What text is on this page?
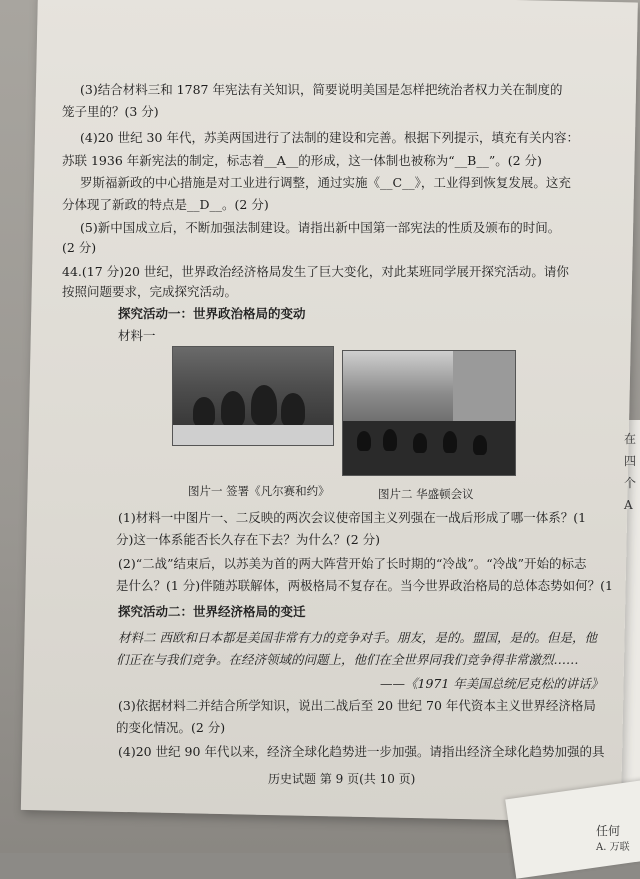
(3)结合材料三和 1787 年宪法有关知识，简要说明美国是怎样把统治者权力关在制度的
笼子里的？(3 分)
(4)20 世纪 30 年代，苏美两国进行了法制的建设和完善。根据下列提示，填充有关内容：
苏联 1936 年新宪法的制定，标志着__A__的形成，这一体制也被称为“__B__”。(2 分)
罗斯福新政的中心措施是对工业进行调整，通过实施《__C__》，工业得到恢复发展。这充
分体现了新政的特点是__D__。(2 分)
(5)新中国成立后，不断加强法制建设。请指出新中国第一部宪法的性质及颁布的时间。
(2 分)
44.(17 分)20 世纪，世界政治经济格局发生了巨大变化，对此某班同学展开探究活动。请你
按照问题要求，完成探究活动。
探究活动一：世界政治格局的变动
材料一
图片一 签署《凡尔赛和约》	图片二 华盛顿会议
(1)材料一中图片一、二反映的两次会议使帝国主义列强在一战后形成了哪一体系？(1
分)这一体系能否长久存在下去？为什么？(2 分)
(2)“二战”结束后，以苏美为首的两大阵营开始了长时期的“冷战”。“冷战”开始的标志
是什么？(1 分)伴随苏联解体，两极格局不复存在。当今世界政治格局的总体态势如何？(1
探究活动二：世界经济格局的变迁
材料二 西欧和日本都是美国非常有力的竞争对手。朋友，是的。盟国，是的。但是，他
们正在与我们竞争。在经济领域的问题上，他们在全世界同我们竞争得非常激烈……
——《1971 年美国总统尼克松的讲话》
(3)依据材料二并结合所学知识，说出二战后至 20 世纪 70 年代资本主义世界经济格局
的变化情况。(2 分)
(4)20 世纪 90 年代以来，经济全球化趋势进一步加强。请指出经济全球化趋势加强的具
历史试题 第 9 页(共 10 页)
在
四
个
A
任何
A. 万联
